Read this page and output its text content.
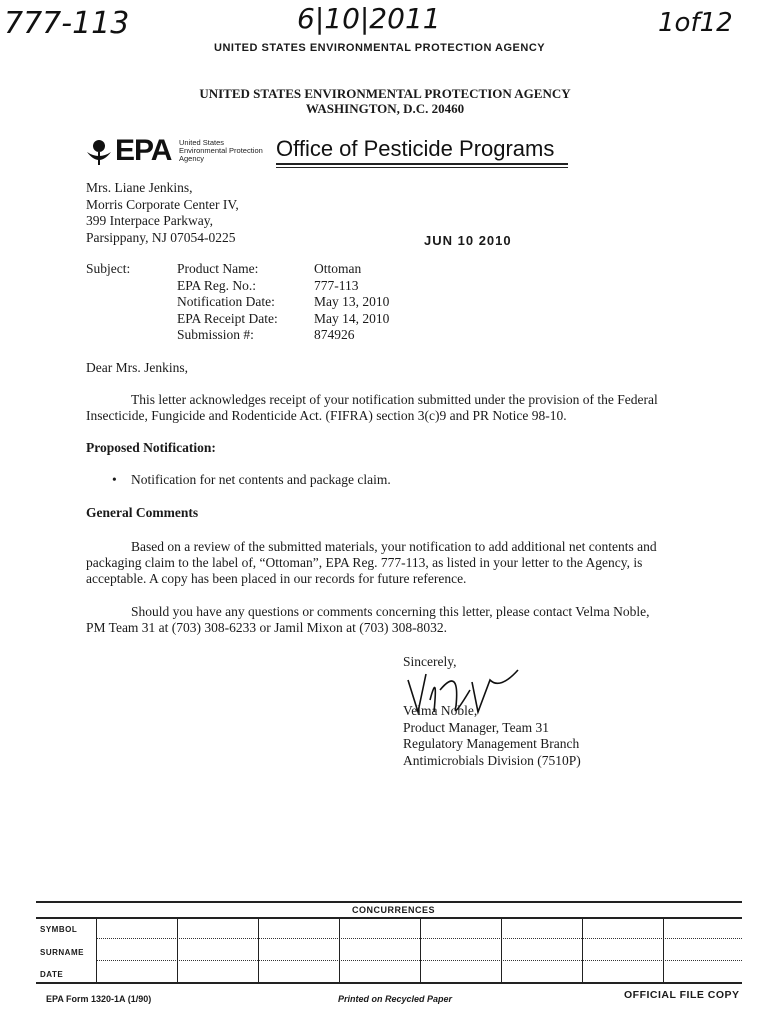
777-113	6|10|2011	1of12
UNITED STATES ENVIRONMENTAL PROTECTION AGENCY
UNITED STATES ENVIRONMENTAL PROTECTION AGENCY
WASHINGTON, D.C. 20460
EPA United States
Environmental Protection
Agency	Office of Pesticide Programs
Mrs. Liane Jenkins,
Morris Corporate Center IV,
399 Interpace Parkway,
Parsippany, NJ 07054-0225	JUN 10 2010
Subject:	Product Name:	Ottoman
EPA Reg. No.:	777-113
Notification Date:	May 13, 2010
EPA Receipt Date:	May 14, 2010
Submission #:	874926
Dear Mrs. Jenkins,
This letter acknowledges receipt of your notification submitted under the provision of the Federal
Insecticide, Fungicide and Rodenticide Act. (FIFRA) section 3(c)9 and PR Notice 98-10.
Proposed Notification:
• Notification for net contents and package claim.
General Comments
Based on a review of the submitted materials, your notification to add additional net contents and
packaging claim to the label of, “Ottoman”, EPA Reg. 777-113, as listed in your letter to the Agency, is
acceptable. A copy has been placed in our records for future reference.
Should you have any questions or comments concerning this letter, please contact Velma Noble,
PM Team 31 at (703) 308-6233 or Jamil Mixon at (703) 308-8032.
Sincerely,
Velma Noble,
Product Manager, Team 31
Regulatory Management Branch
Antimicrobials Division (7510P)
CONCURRENCES
SYMBOL
SURNAME
DATE
EPA Form 1320-1A (1/90)	Printed on Recycled Paper	OFFICIAL FILE COPY
